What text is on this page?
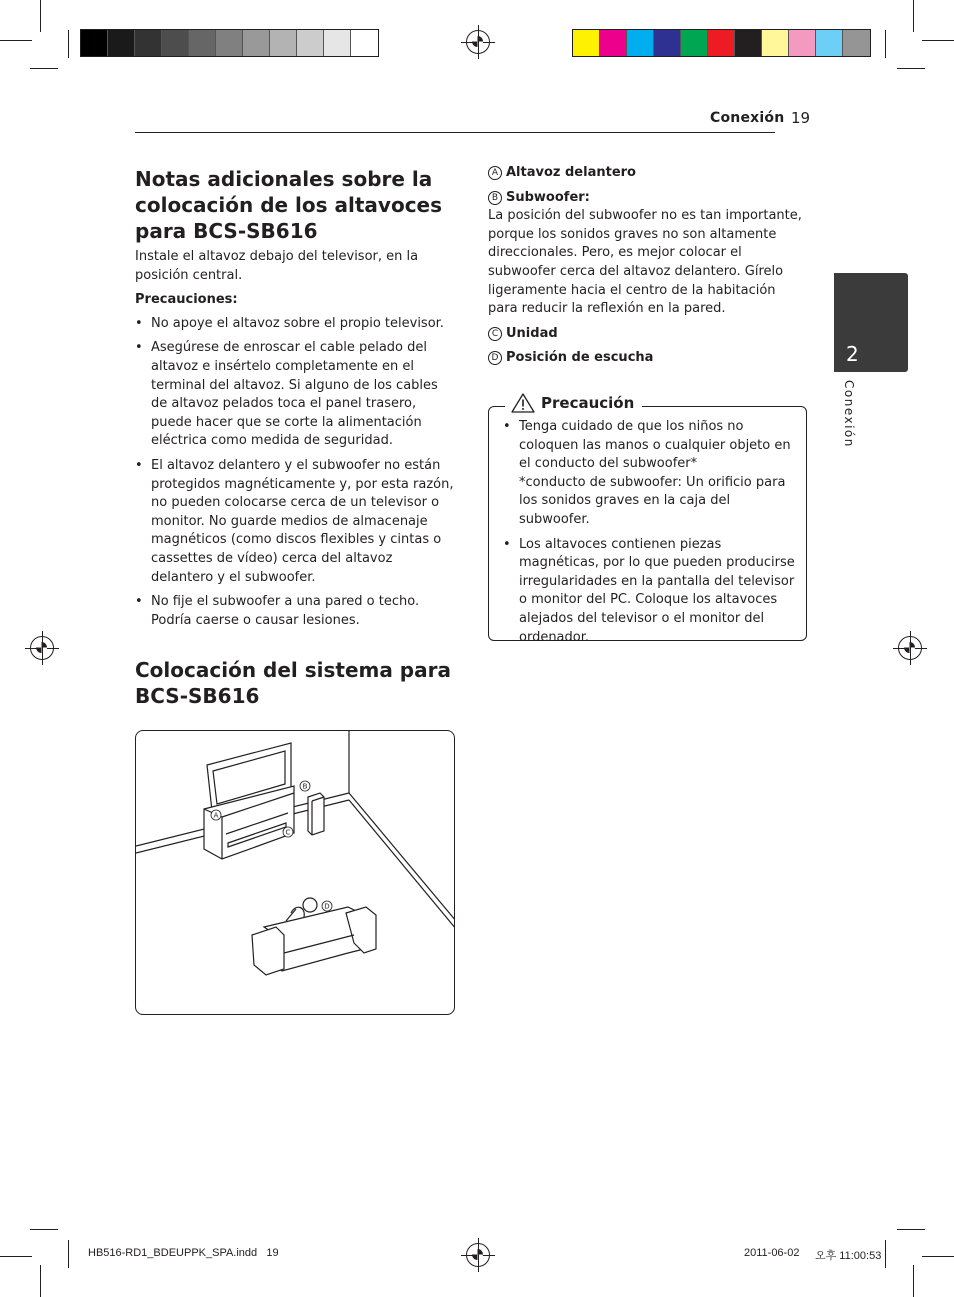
Conexión 19
2
Conexión
Notas adicionales sobre la colocación de los altavoces para BCS-SB616
Instale el altavoz debajo del televisor, en la posición central.
Precauciones:
• No apoye el altavoz sobre el propio televisor.
• Asegúrese de enroscar el cable pelado del altavoz e insértelo completamente en el terminal del altavoz. Si alguno de los cables de altavoz pelados toca el panel trasero, puede hacer que se corte la alimentación eléctrica como medida de seguridad.
• El altavoz delantero y el subwoofer no están protegidos magnéticamente y, por esta razón, no pueden colocarse cerca de un televisor o monitor. No guarde medios de almacenaje magnéticos (como discos flexibles y cintas o cassettes de vídeo) cerca del altavoz delantero y el subwoofer.
• No fije el subwoofer a una pared o techo. Podría caerse o causar lesiones.
Colocación del sistema para BCS-SB616
A
B
C
D
A Altavoz delantero
B Subwoofer:
La posición del subwoofer no es tan importante, porque los sonidos graves no son altamente direccionales. Pero, es mejor colocar el subwoofer cerca del altavoz delantero. Gírelo ligeramente hacia el centro de la habitación para reducir la reflexión en la pared.
C Unidad
D Posición de escucha
Precaución
• Tenga cuidado de que los niños no coloquen las manos o cualquier objeto en el conducto del subwoofer*
*conducto de subwoofer: Un orificio para los sonidos graves en la caja del subwoofer.
• Los altavoces contienen piezas magnéticas, por lo que pueden producirse irregularidades en la pantalla del televisor o monitor del PC. Coloque los altavoces alejados del televisor o el monitor del ordenador.
HB516-RD1_BDEUPPK_SPA.indd   19	2011-06-02 오후 11:00:53
